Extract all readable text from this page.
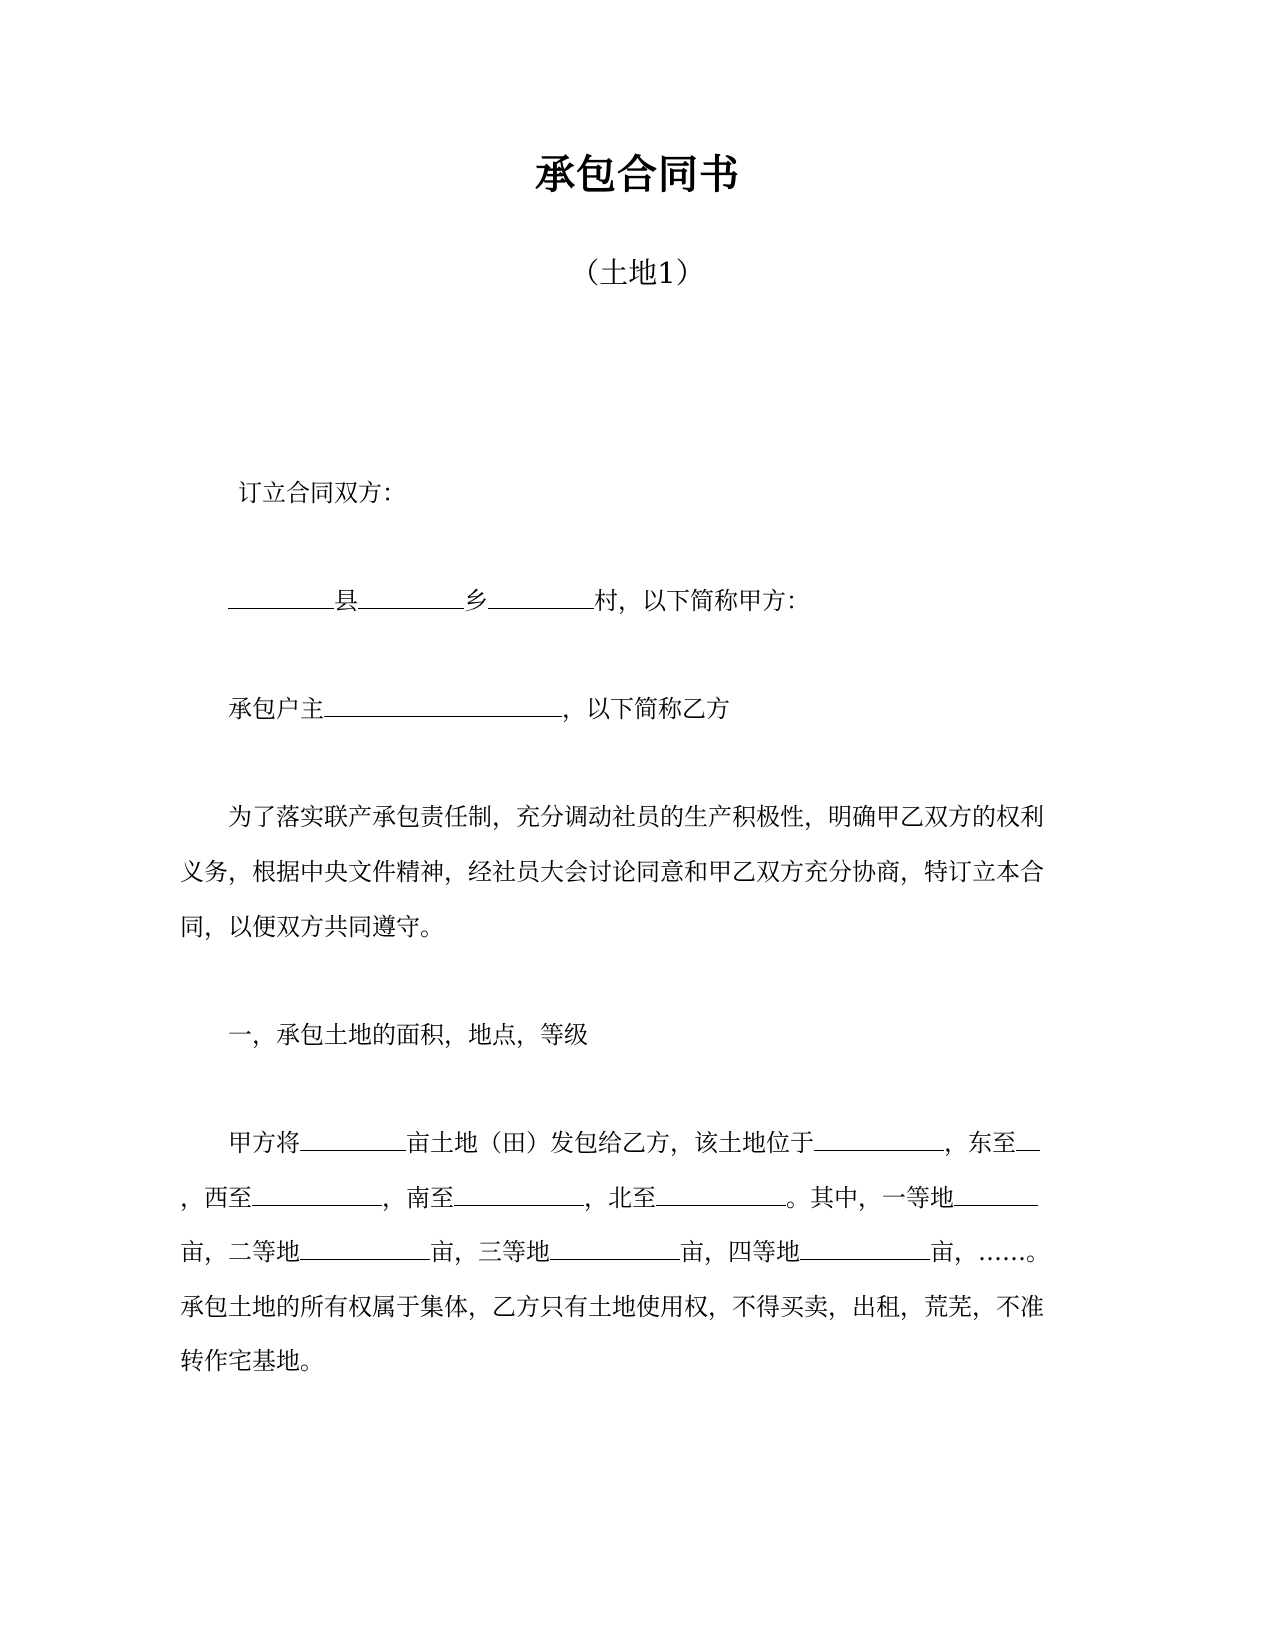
承包合同书
（土地1）
订立合同双方：
县	乡	村，以下简称甲方：
承包户主	，以下简称乙方
为了落实联产承包责任制，充分调动社员的生产积极性，明确甲乙双方的权利
义务，根据中央文件精神，经社员大会讨论同意和甲乙双方充分协商，特订立本合
同，以便双方共同遵守。
一，承包土地的面积，地点，等级
甲方将	亩土地（田）发包给乙方，该土地位于	，东至
，西至	，南至	，北至	。其中，一等地
亩，二等地	亩，三等地	亩，四等地	亩，……。
承包土地的所有权属于集体，乙方只有土地使用权，不得买卖，出租，荒芜，不准
转作宅基地。
